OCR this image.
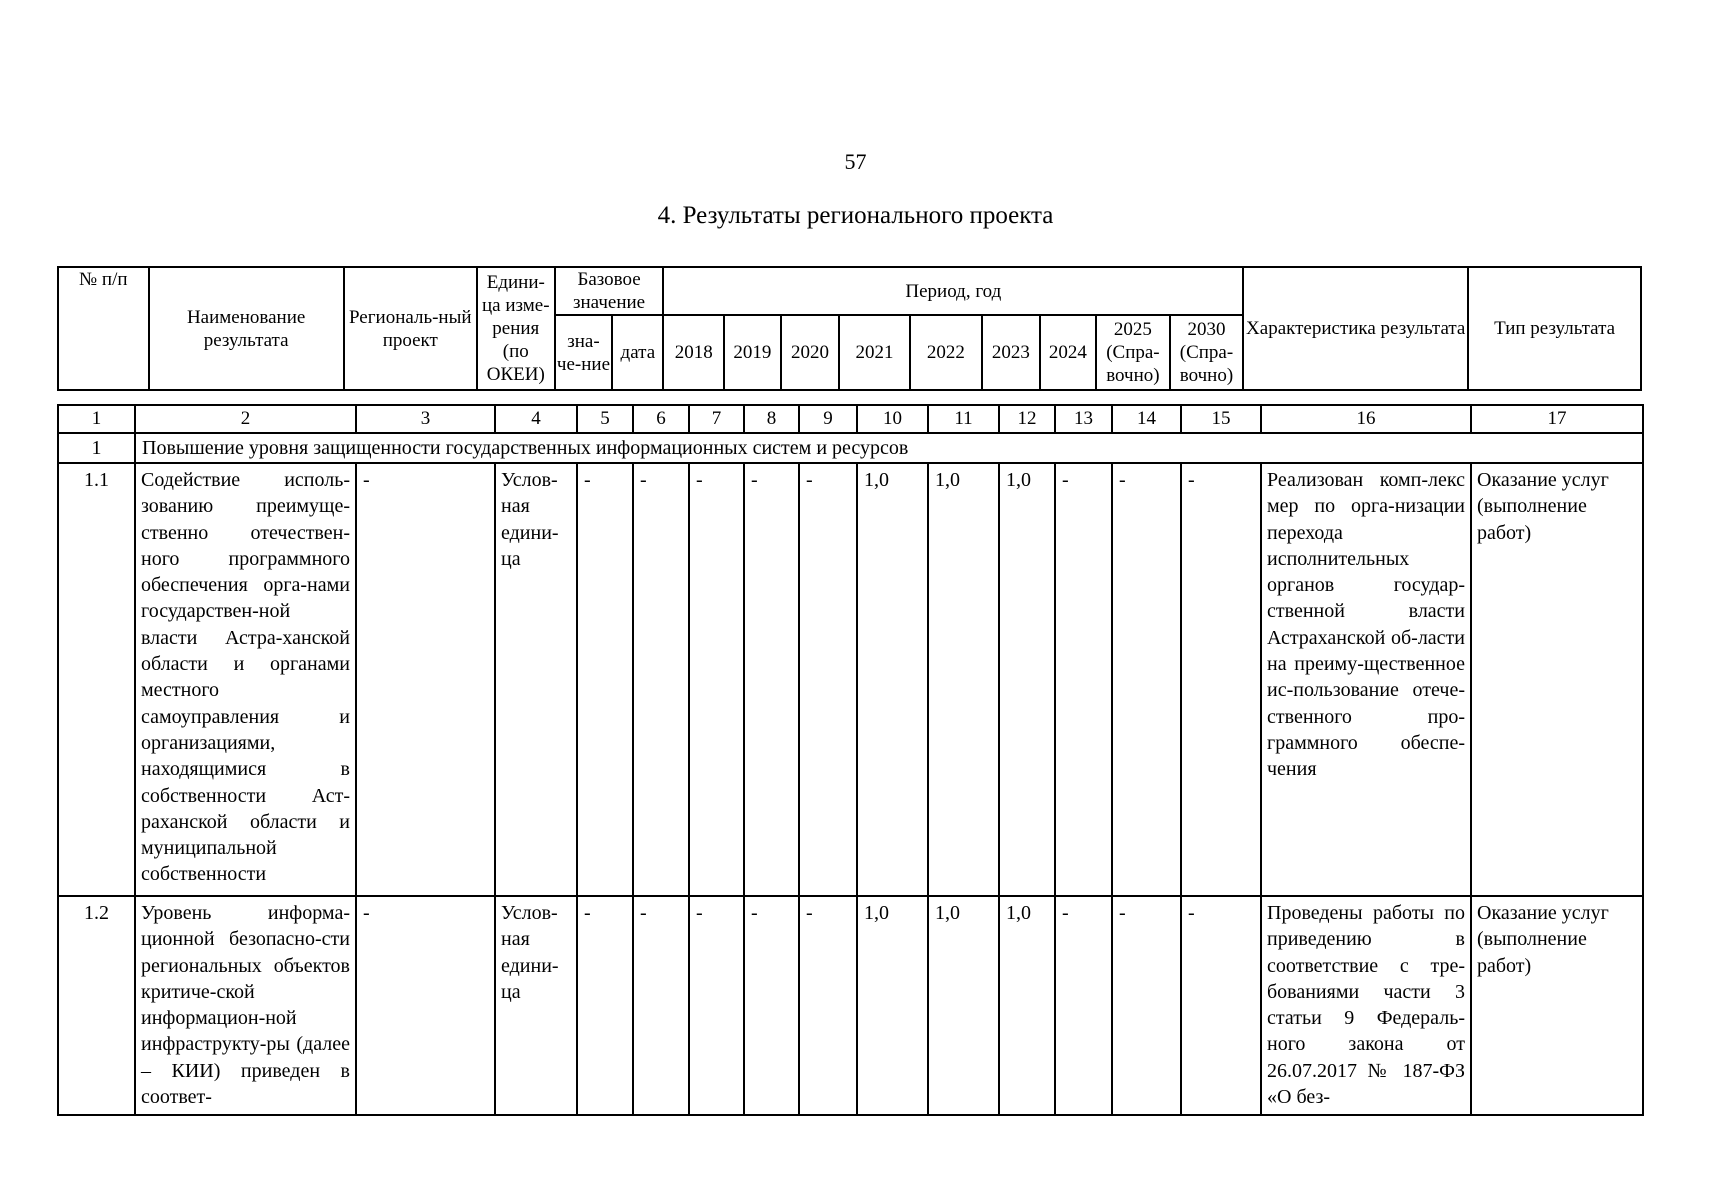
57
4. Результаты регионального проекта
№ п/п	Наименование результата	Региональ-ный проект	Едини-ца изме-рения (по ОКЕИ)	Базовое значение		Период, год									Характеристика результата	Тип результата
				зна-че-ние	дата	2018	2019	2020	2021	2022	2023	2024	2025 (Спра-вочно)	2030 (Спра-вочно)		
1	2	3	4	5	6	7	8	9	10	11	12	13	14	15	16	17
1	Повышение уровня защищенности государственных информационных систем и ресурсов															
1.1	Содействие исполь-зованию преимуще-ственно отечествен-ного программного обеспечения орга-нами государствен-ной власти Астра-ханской области и органами местного самоуправления и организациями, находящимися в собственности Аст-раханской области и муниципальной собственности	-	Услов-ная едини-ца	-	-	-	-	-	1,0	1,0	1,0	-	-	-	Реализован комп-лекс мер по орга-низации перехода исполнительных органов государ-ственной власти Астраханской об-ласти на преиму-щественное ис-пользование отече-ственного про-граммного обеспе-чения	Оказание услуг (выполнение работ)
1.2	Уровень информа-ционной безопасно-сти региональных объектов критиче-ской информацион-ной инфраструкту-ры (далее – КИИ) приведен в соответ-	-	Услов-ная едини-ца	-	-	-	-	-	1,0	1,0	1,0	-	-	-	Проведены работы по приведению в соответствие с тре-бованиями части 3 статьи 9 Федераль-ного закона от 26.07.2017 № 187-ФЗ «О без-	Оказание услуг (выполнение работ)
